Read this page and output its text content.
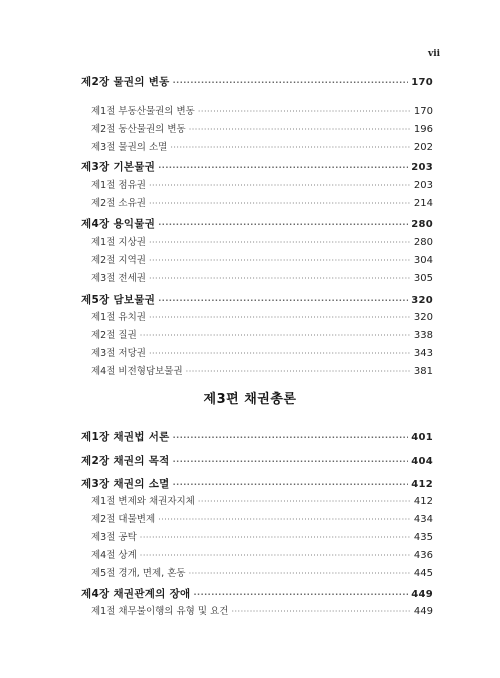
vii
제2장 물권의 변동 ·····	170
제1절 부동산물권의 변동 ·····	170
제2절 동산물권의 변동 ·····	196
제3절 물권의 소멸 ·····	202
제3장 기본물권 ·····	203
제1절 점유권 ·····	203
제2절 소유권 ·····	214
제4장 용익물권 ·····	280
제1절 지상권 ·····	280
제2절 지역권 ·····	304
제3절 전세권 ·····	305
제5장 담보물권 ·····	320
제1절 유치권 ·····	320
제2절 질권 ·····	338
제3절 저당권 ·····	343
제4절 비전형담보물권 ·····	381
제3편 채권총론
제1장 채권법 서론 ·····	401
제2장 채권의 목적 ·····	404
제3장 채권의 소멸 ·····	412
제1절 변제와 채권자지체 ·····	412
제2절 대물변제 ·····	434
제3절 공탁 ·····	435
제4절 상계 ·····	436
제5절 경개, 면제, 혼동 ·····	445
제4장 채권관계의 장애 ·····	449
제1절 채무불이행의 유형 및 요건 ·····	449
